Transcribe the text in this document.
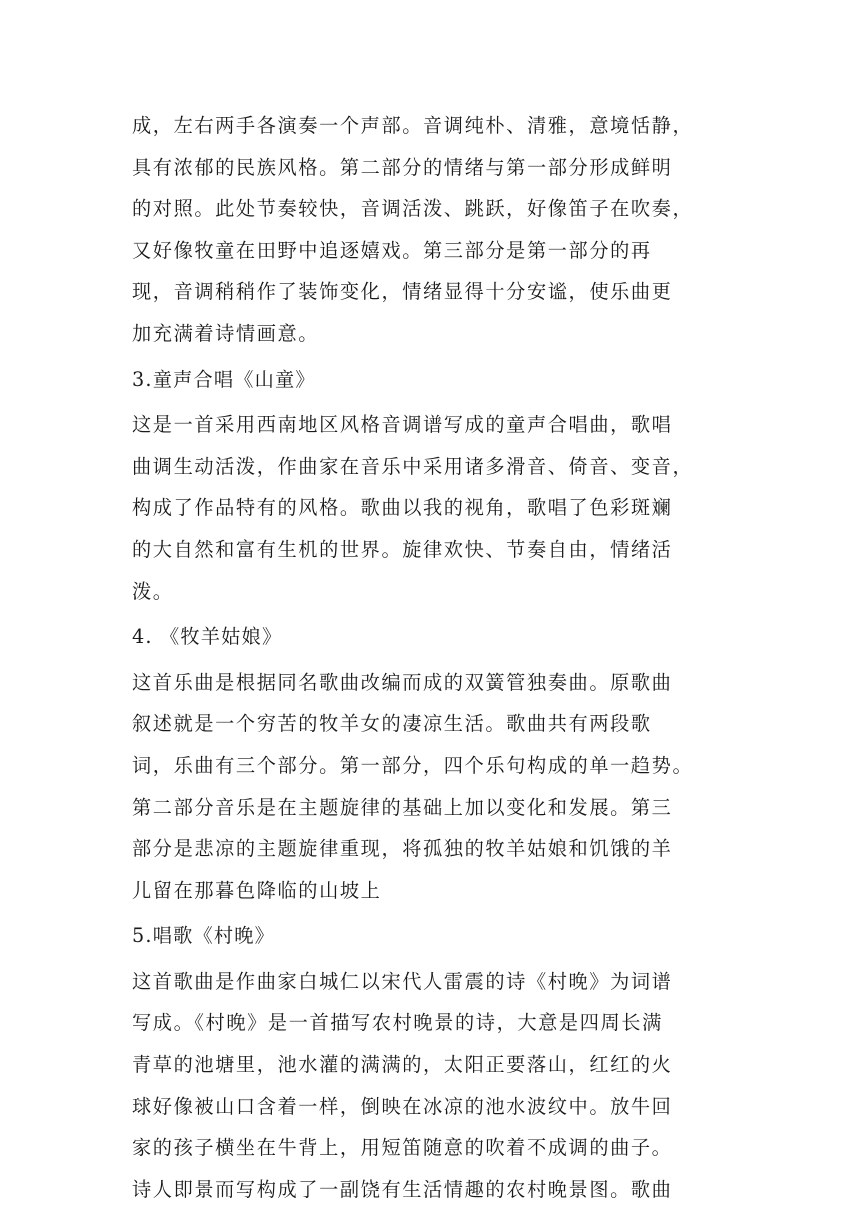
成，左右两手各演奏一个声部。音调纯朴、清雅，意境恬静，
具有浓郁的民族风格。第二部分的情绪与第一部分形成鲜明
的对照。此处节奏较快，音调活泼、跳跃，好像笛子在吹奏，
又好像牧童在田野中追逐嬉戏。第三部分是第一部分的再
现，音调稍稍作了装饰变化，情绪显得十分安谧，使乐曲更
加充满着诗情画意。
3.童声合唱《山童》
这是一首采用西南地区风格音调谱写成的童声合唱曲，歌唱
曲调生动活泼，作曲家在音乐中采用诸多滑音、倚音、变音，
构成了作品特有的风格。歌曲以我的视角，歌唱了色彩斑斓
的大自然和富有生机的世界。旋律欢快、节奏自由，情绪活
泼。
4. 《牧羊姑娘》
这首乐曲是根据同名歌曲改编而成的双簧管独奏曲。原歌曲
叙述就是一个穷苦的牧羊女的凄凉生活。歌曲共有两段歌
词，乐曲有三个部分。第一部分，四个乐句构成的单一趋势。
第二部分音乐是在主题旋律的基础上加以变化和发展。第三
部分是悲凉的主题旋律重现，将孤独的牧羊姑娘和饥饿的羊
儿留在那暮色降临的山坡上
5.唱歌《村晚》
这首歌曲是作曲家白城仁以宋代人雷震的诗《村晚》为词谱
写成。《村晚》是一首描写农村晚景的诗，大意是四周长满
青草的池塘里，池水灌的满满的，太阳正要落山，红红的火
球好像被山口含着一样，倒映在冰凉的池水波纹中。放牛回
家的孩子横坐在牛背上，用短笛随意的吹着不成调的曲子。
诗人即景而写构成了一副饶有生活情趣的农村晚景图。歌曲
